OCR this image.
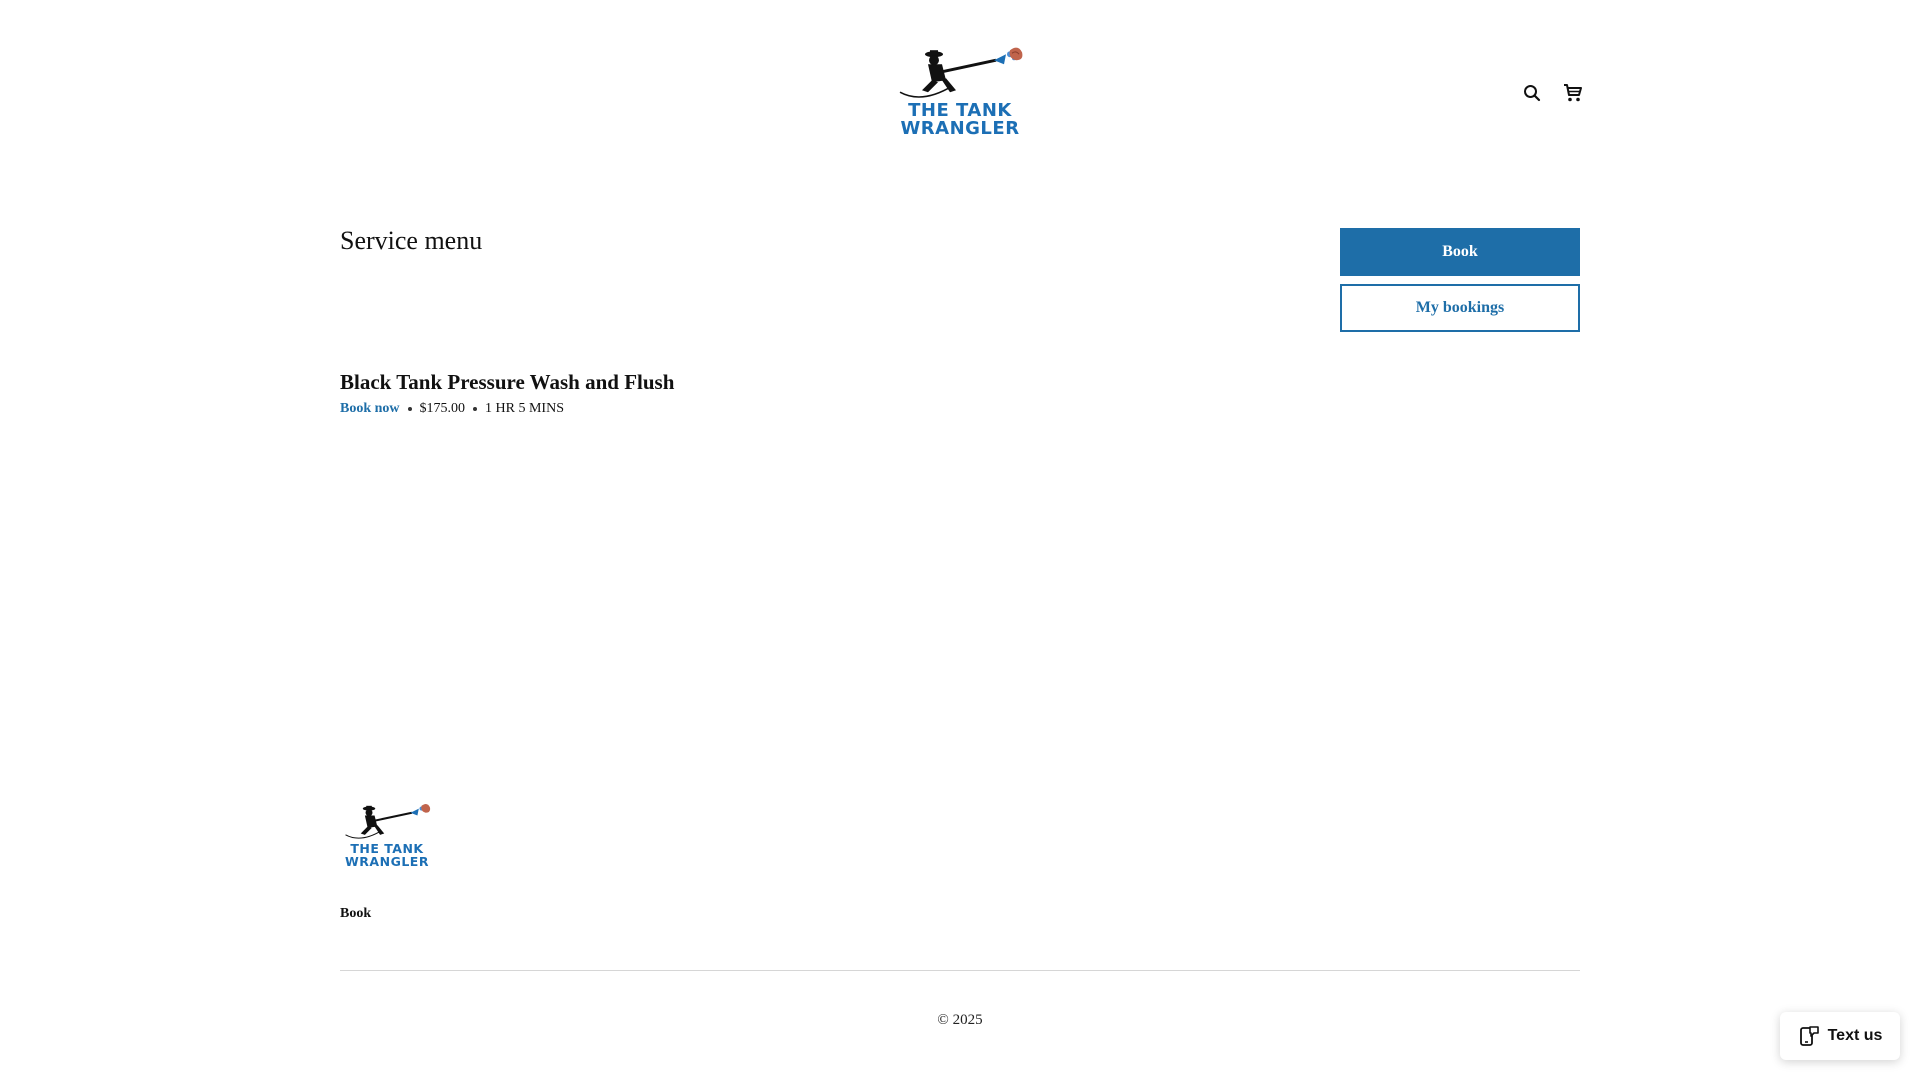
THE TANK
WRANGLER
Service menu	Book
My bookings
Black Tank Pressure Wash and Flush
Book now $175.00 1 HR 5 MINS
THE TANK
WRANGLER
Book
© 2025
Text us
